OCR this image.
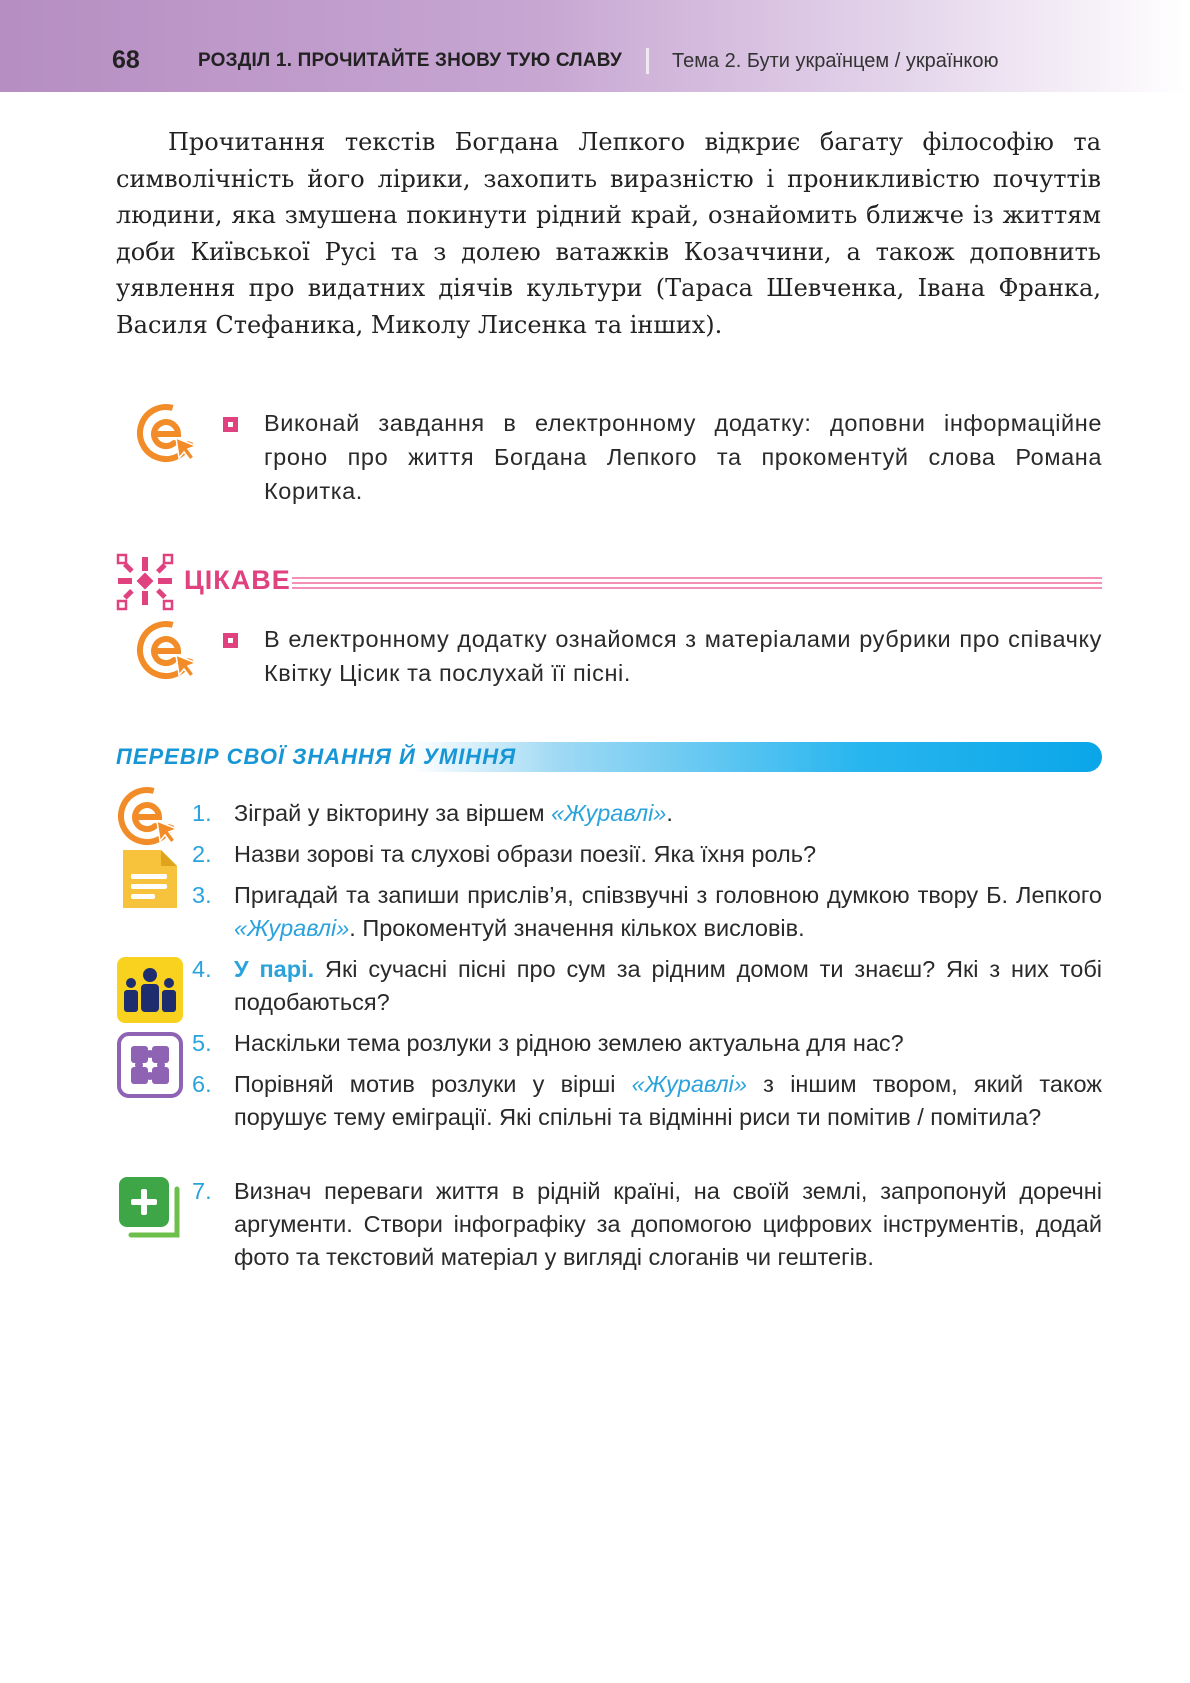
68	РОЗДІЛ 1. ПРОЧИТАЙТЕ ЗНОВУ ТУЮ СЛАВУ	Тема 2. Бути українцем / українкою

Прочитання текстів Богдана Лепкого відкриє багату філософію та символічність його лірики, захопить виразністю і проникливістю почуттів людини, яка змушена покинути рідний край, ознайомить ближче із життям доби Київської Русі та з долею ватажків Козаччини, а також доповнить уявлення про видатних діячів культури (Тараса Шевченка, Івана Франка, Василя Стефаника, Миколу Лисенка та інших).

Виконай завдання в електронному додатку: доповни інформаційне гроно про життя Богдана Лепкого та прокоментуй слова Романа Коритка.

ЦІКАВЕ

В електронному додатку ознайомся з матеріалами рубрики про співачку Квітку Цісик та послухай її пісні.

ПЕРЕВІР СВОЇ ЗНАННЯ Й УМІННЯ
1. Зіграй у вікторину за віршем «Журавлі».
2. Назви зорові та слухові образи поезії. Яка їхня роль?
3. Пригадай та запиши прислів’я, співзвучні з головною думкою твору Б. Лепкого «Журавлі». Прокоментуй значення кількох висловів.
4. У парі. Які сучасні пісні про сум за рідним домом ти знаєш? Які з них тобі подобаються?
5. Наскільки тема розлуки з рідною землею актуальна для нас?
6. Порівняй мотив розлуки у вірші «Журавлі» з іншим твором, який також порушує тему еміграції. Які спільні та відмінні риси ти помітив / помітила?
7. Визнач переваги життя в рідній країні, на своїй землі, запропонуй доречні аргументи. Створи інфографіку за допомогою цифрових інструментів, додай фото та текстовий матеріал у вигляді слоганів чи гештегів.
